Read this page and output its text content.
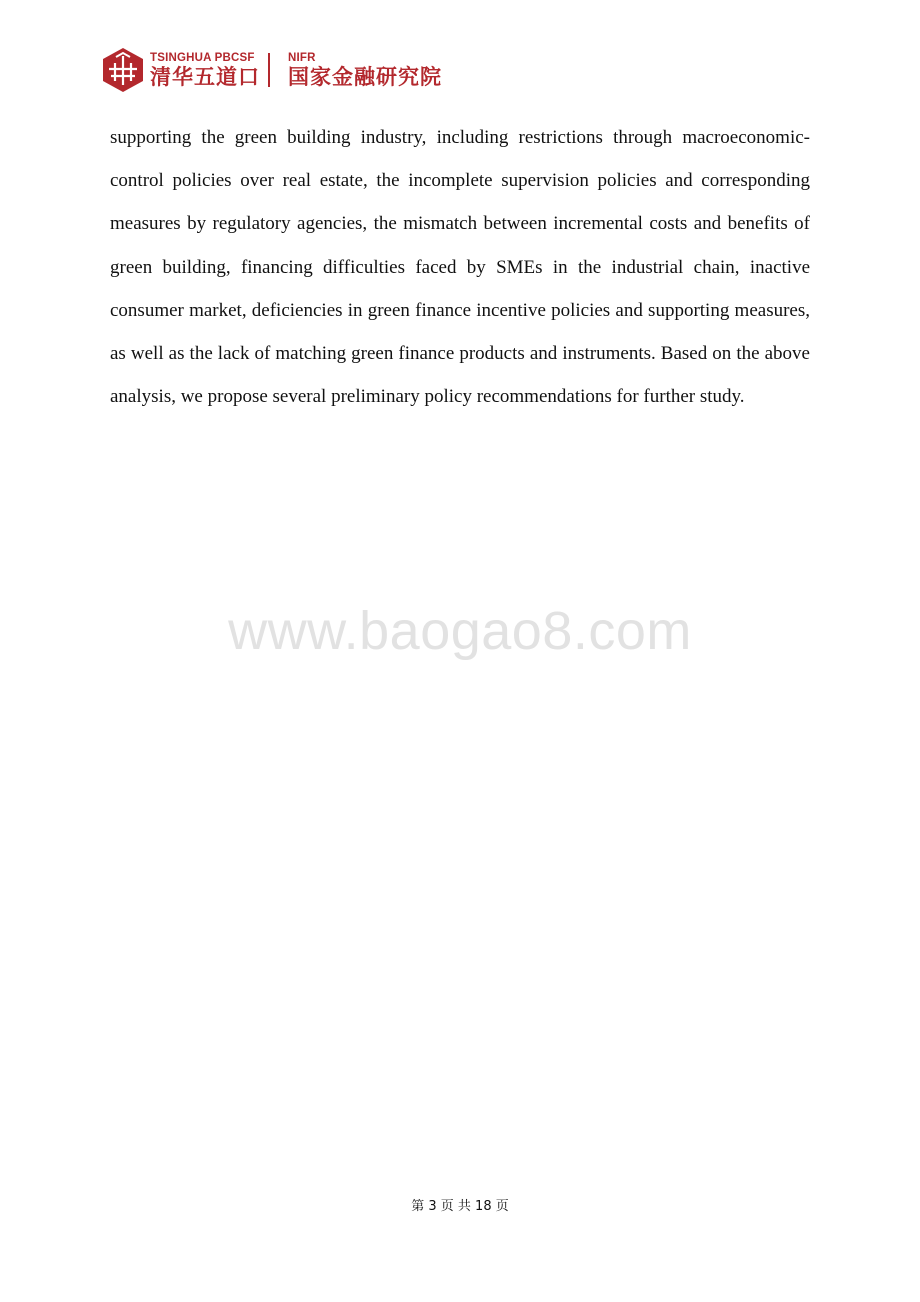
TSINGHUA PBCSF
清华五道口
NIFR
国家金融研究院

supporting the green building industry, including restrictions through macroeconomic-control policies over real estate, the incomplete supervision policies and corresponding measures by regulatory agencies, the mismatch between incremental costs and benefits of green building, financing difficulties faced by SMEs in the industrial chain, inactive consumer market, deficiencies in green finance incentive policies and supporting measures, as well as the lack of matching green finance products and instruments. Based on the above analysis, we propose several preliminary policy recommendations for further study.

www.baogao8.com
第 3 页 共 18 页
